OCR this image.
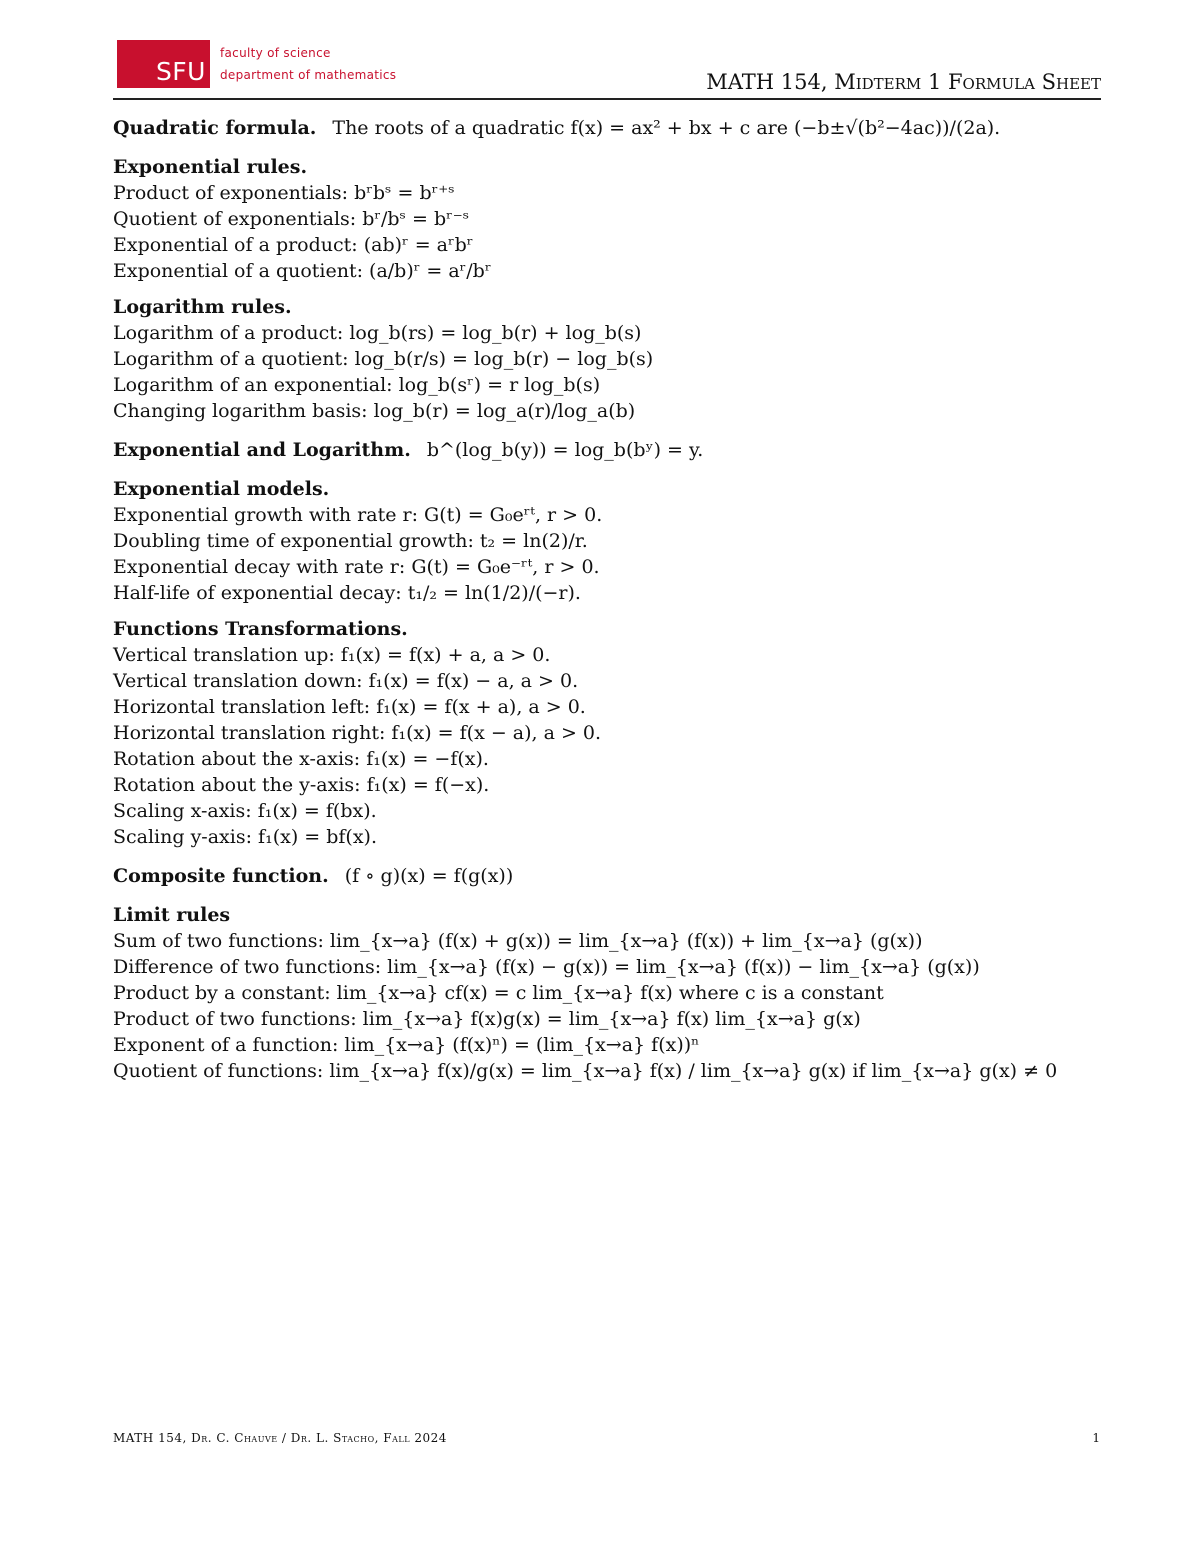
SFU
faculty of science
department of mathematics	MATH 154, Midterm 1 Formula Sheet
Quadratic formula. The roots of a quadratic f(x) = ax² + bx + c are (−b±√(b²−4ac))/(2a).
Exponential rules.
Product of exponentials: bʳbˢ = bʳ⁺ˢ
Quotient of exponentials: bʳ/bˢ = bʳ⁻ˢ
Exponential of a product: (ab)ʳ = aʳbʳ
Exponential of a quotient: (a/b)ʳ = aʳ/bʳ
Logarithm rules.
Logarithm of a product: log_b(rs) = log_b(r) + log_b(s)
Logarithm of a quotient: log_b(r/s) = log_b(r) − log_b(s)
Logarithm of an exponential: log_b(sʳ) = r log_b(s)
Changing logarithm basis: log_b(r) = log_a(r)/log_a(b)
Exponential and Logarithm. b^(log_b(y)) = log_b(bʸ) = y.
Exponential models.
Exponential growth with rate r: G(t) = G₀eʳᵗ, r > 0.
Doubling time of exponential growth: t₂ = ln(2)/r.
Exponential decay with rate r: G(t) = G₀e⁻ʳᵗ, r > 0.
Half-life of exponential decay: t₁/₂ = ln(1/2)/(−r).
Functions Transformations.
Vertical translation up: f₁(x) = f(x) + a, a > 0.
Vertical translation down: f₁(x) = f(x) − a, a > 0.
Horizontal translation left: f₁(x) = f(x + a), a > 0.
Horizontal translation right: f₁(x) = f(x − a), a > 0.
Rotation about the x-axis: f₁(x) = −f(x).
Rotation about the y-axis: f₁(x) = f(−x).
Scaling x-axis: f₁(x) = f(bx).
Scaling y-axis: f₁(x) = bf(x).
Composite function. (f ∘ g)(x) = f(g(x))
Limit rules
Sum of two functions: lim_{x→a} (f(x) + g(x)) = lim_{x→a} (f(x)) + lim_{x→a} (g(x))
Difference of two functions: lim_{x→a} (f(x) − g(x)) = lim_{x→a} (f(x)) − lim_{x→a} (g(x))
Product by a constant: lim_{x→a} cf(x) = c lim_{x→a} f(x) where c is a constant
Product of two functions: lim_{x→a} f(x)g(x) = lim_{x→a} f(x) lim_{x→a} g(x)
Exponent of a function: lim_{x→a} (f(x)ⁿ) = (lim_{x→a} f(x))ⁿ
Quotient of functions: lim_{x→a} f(x)/g(x) = lim_{x→a} f(x) / lim_{x→a} g(x) if lim_{x→a} g(x) ≠ 0
MATH 154, Dr. C. Chauve / Dr. L. Stacho, Fall 2024	1
